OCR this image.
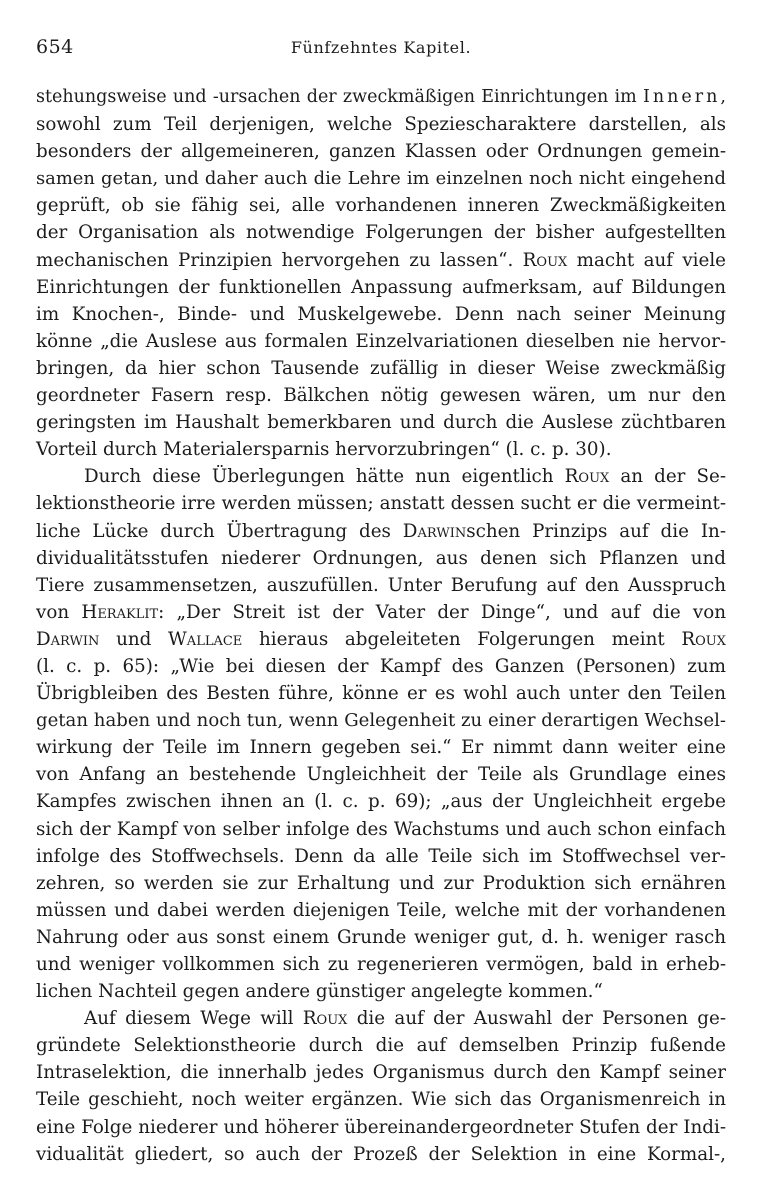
654	Fünfzehntes Kapitel.
stehungsweise und -ursachen der zweckmäßigen Einrichtungen im Innern,
sowohl zum Teil derjenigen, welche Speziescharaktere darstellen, als
besonders der allgemeineren, ganzen Klassen oder Ordnungen gemein-
samen getan, und daher auch die Lehre im einzelnen noch nicht eingehend
geprüft, ob sie fähig sei, alle vorhandenen inneren Zweckmäßigkeiten
der Organisation als notwendige Folgerungen der bisher aufgestellten
mechanischen Prinzipien hervorgehen zu lassen“. Roux macht auf viele
Einrichtungen der funktionellen Anpassung aufmerksam, auf Bildungen
im Knochen-, Binde- und Muskelgewebe. Denn nach seiner Meinung
könne „die Auslese aus formalen Einzelvariationen dieselben nie hervor-
bringen, da hier schon Tausende zufällig in dieser Weise zweckmäßig
geordneter Fasern resp. Bälkchen nötig gewesen wären, um nur den
geringsten im Haushalt bemerkbaren und durch die Auslese züchtbaren
Vorteil durch Materialersparnis hervorzubringen“ (l. c. p. 30).
Durch diese Überlegungen hätte nun eigentlich Roux an der Se-
lektionstheorie irre werden müssen; anstatt dessen sucht er die vermeint-
liche Lücke durch Übertragung des Darwinschen Prinzips auf die In-
dividualitätsstufen niederer Ordnungen, aus denen sich Pflanzen und
Tiere zusammensetzen, auszufüllen. Unter Berufung auf den Ausspruch
von Heraklit: „Der Streit ist der Vater der Dinge“, und auf die von
Darwin und Wallace hieraus abgeleiteten Folgerungen meint Roux
(l. c. p. 65): „Wie bei diesen der Kampf des Ganzen (Personen) zum
Übrigbleiben des Besten führe, könne er es wohl auch unter den Teilen
getan haben und noch tun, wenn Gelegenheit zu einer derartigen Wechsel-
wirkung der Teile im Innern gegeben sei.“ Er nimmt dann weiter eine
von Anfang an bestehende Ungleichheit der Teile als Grundlage eines
Kampfes zwischen ihnen an (l. c. p. 69); „aus der Ungleichheit ergebe
sich der Kampf von selber infolge des Wachstums und auch schon einfach
infolge des Stoffwechsels. Denn da alle Teile sich im Stoffwechsel ver-
zehren, so werden sie zur Erhaltung und zur Produktion sich ernähren
müssen und dabei werden diejenigen Teile, welche mit der vorhandenen
Nahrung oder aus sonst einem Grunde weniger gut, d. h. weniger rasch
und weniger vollkommen sich zu regenerieren vermögen, bald in erheb-
lichen Nachteil gegen andere günstiger angelegte kommen.“
Auf diesem Wege will Roux die auf der Auswahl der Personen ge-
gründete Selektionstheorie durch die auf demselben Prinzip fußende
Intraselektion, die innerhalb jedes Organismus durch den Kampf seiner
Teile geschieht, noch weiter ergänzen. Wie sich das Organismenreich in
eine Folge niederer und höherer übereinandergeordneter Stufen der Indi-
vidualität gliedert, so auch der Prozeß der Selektion in eine Kormal-,
